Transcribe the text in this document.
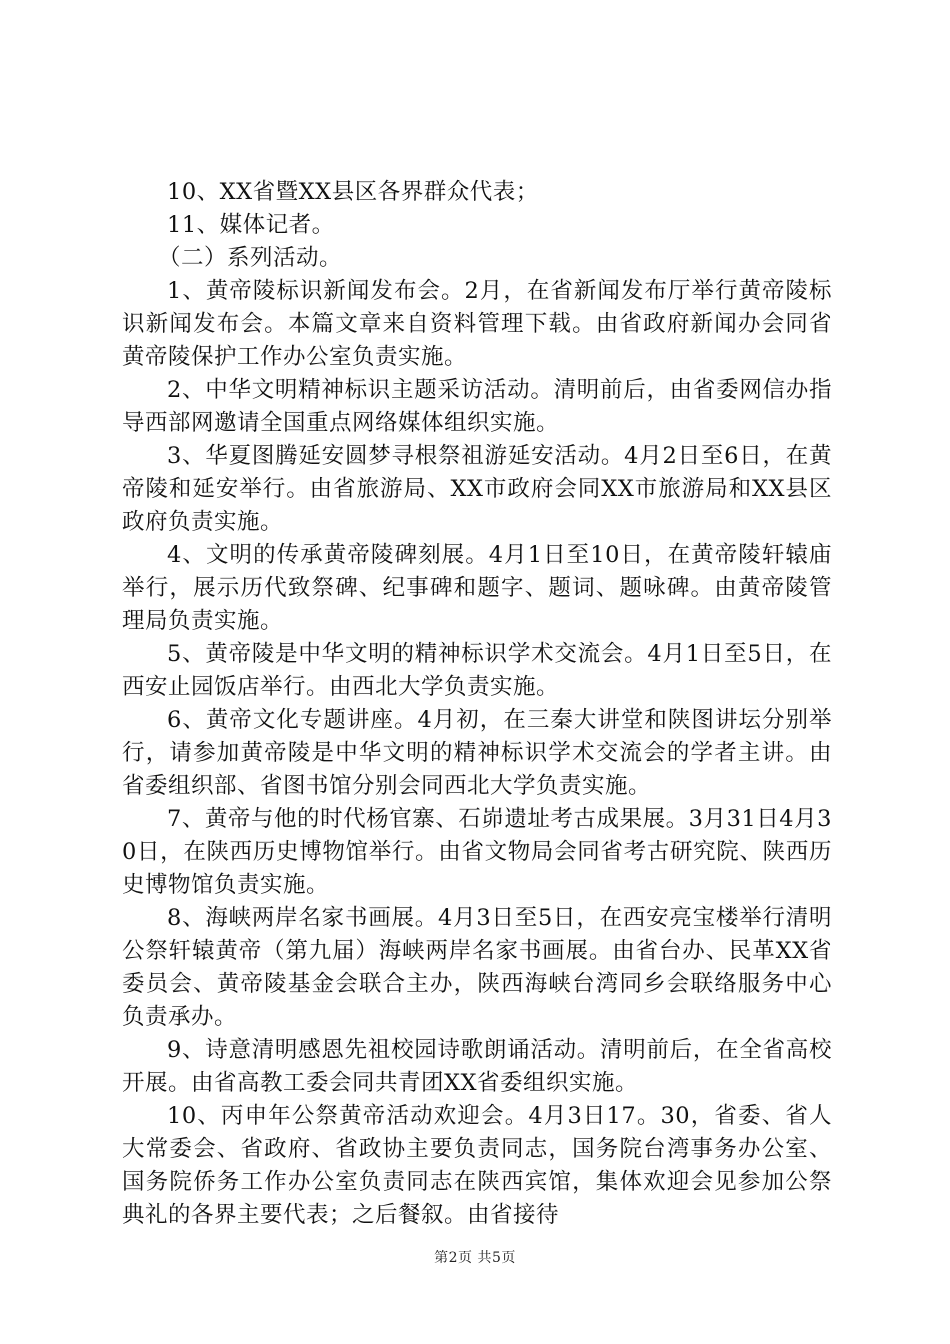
10、XX省暨XX县区各界群众代表；

11、媒体记者。

（二）系列活动。

1、黄帝陵标识新闻发布会。2月，在省新闻发布厅举行黄帝陵标识新闻发布会。本篇文章来自资料管理下载。由省政府新闻办会同省黄帝陵保护工作办公室负责实施。

2、中华文明精神标识主题采访活动。清明前后，由省委网信办指导西部网邀请全国重点网络媒体组织实施。

3、华夏图腾延安圆梦寻根祭祖游延安活动。4月2日至6日，在黄帝陵和延安举行。由省旅游局、XX市政府会同XX市旅游局和XX县区政府负责实施。

4、文明的传承黄帝陵碑刻展。4月1日至10日，在黄帝陵轩辕庙举行，展示历代致祭碑、纪事碑和题字、题词、题咏碑。由黄帝陵管理局负责实施。

5、黄帝陵是中华文明的精神标识学术交流会。4月1日至5日，在西安止园饭店举行。由西北大学负责实施。

6、黄帝文化专题讲座。4月初，在三秦大讲堂和陕图讲坛分别举行，请参加黄帝陵是中华文明的精神标识学术交流会的学者主讲。由省委组织部、省图书馆分别会同西北大学负责实施。

7、黄帝与他的时代杨官寨、石峁遗址考古成果展。3月31日4月30日，在陕西历史博物馆举行。由省文物局会同省考古研究院、陕西历史博物馆负责实施。

8、海峡两岸名家书画展。4月3日至5日，在西安亮宝楼举行清明公祭轩辕黄帝（第九届）海峡两岸名家书画展。由省台办、民革XX省委员会、黄帝陵基金会联合主办，陕西海峡台湾同乡会联络服务中心负责承办。

9、诗意清明感恩先祖校园诗歌朗诵活动。清明前后，在全省高校开展。由省高教工委会同共青团XX省委组织实施。

10、丙申年公祭黄帝活动欢迎会。4月3日17。30，省委、省人大常委会、省政府、省政协主要负责同志，国务院台湾事务办公室、国务院侨务工作办公室负责同志在陕西宾馆，集体欢迎会见参加公祭典礼的各界主要代表；之后餐叙。由省接待

第2页 共5页
